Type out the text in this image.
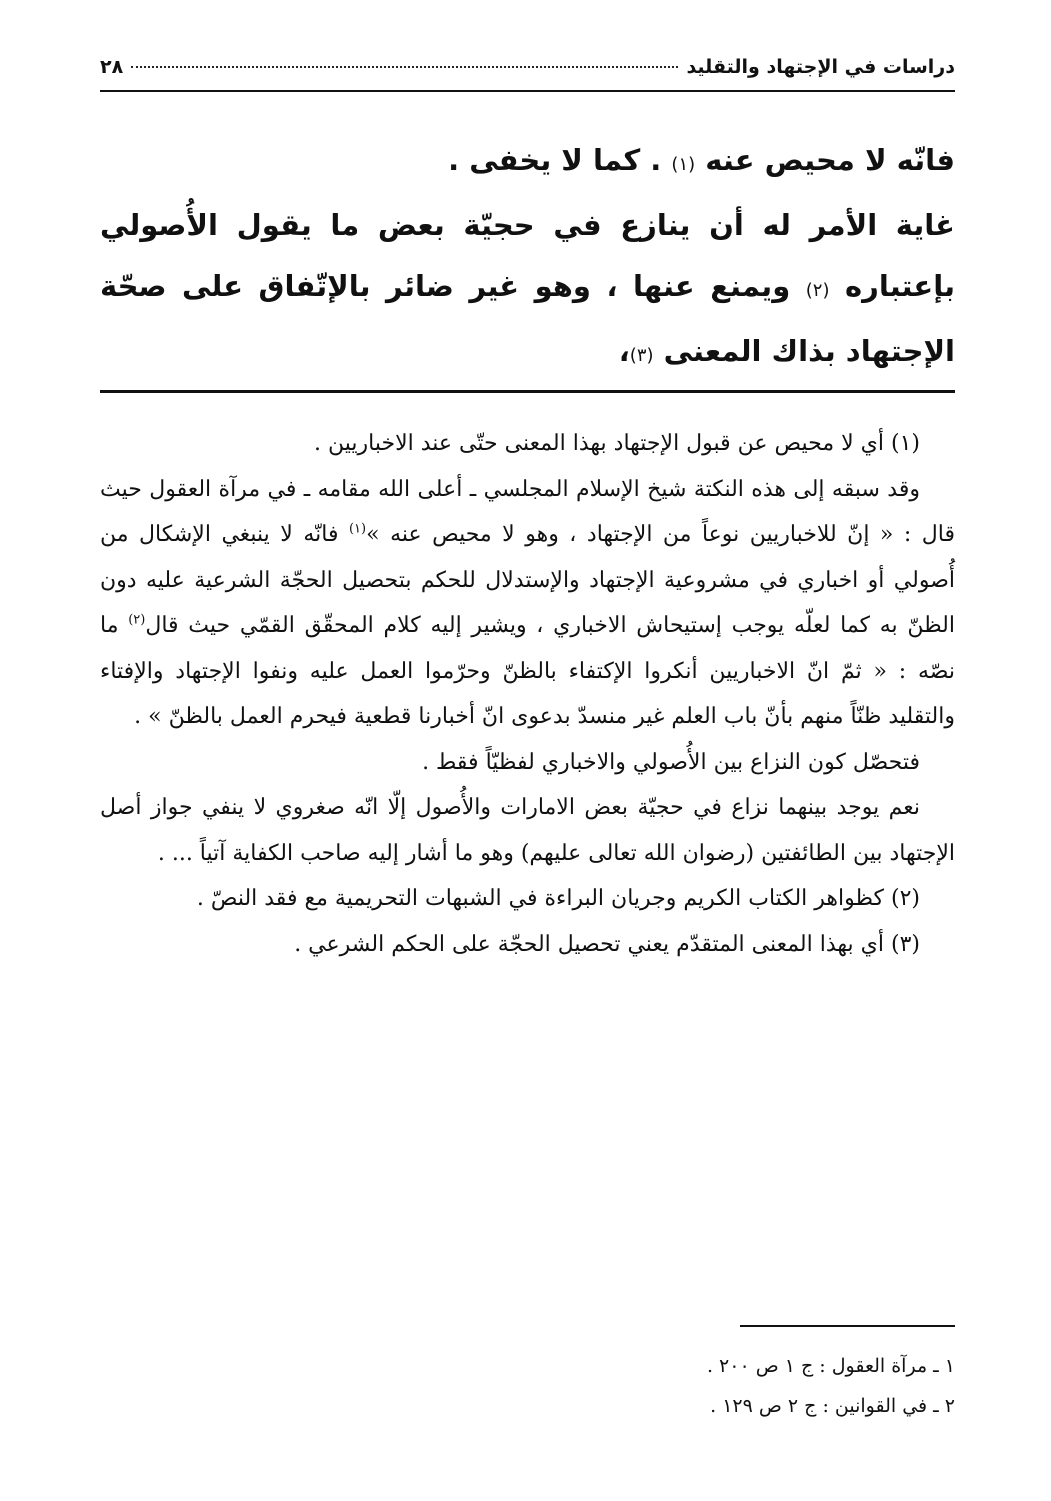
دراسات في الإجتهاد والتقليد
٢٨

فانّه لا محيص عنه (١) . كما لا يخفى .

غاية الأمر له أن ينازع في حجيّة بعض ما يقول الأُصولي بإعتباره (٢) ويمنع عنها ، وهو غير ضائر بالإتّفاق على صحّة الإجتهاد بذاك المعنى (٣)،

(١) أي لا محيص عن قبول الإجتهاد بهذا المعنى حتّى عند الاخباريين .

وقد سبقه إلى هذه النكتة شيخ الإسلام المجلسي ـ أعلى الله مقامه ـ في مرآة العقول حيث قال : « إنّ للاخباريين نوعاً من الإجتهاد ، وهو لا محيص عنه »$^{(١)}$ فانّه لا ينبغي الإشكال من أُصولي أو اخباري في مشروعية الإجتهاد والإستدلال للحكم بتحصيل الحجّة الشرعية عليه دون الظنّ به كما لعلّه يوجب إستيحاش الاخباري ، ويشير إليه كلام المحقّق القمّي حيث قال$^{(٢)}$ ما نصّه : « ثمّ انّ الاخباريين أنكروا الإكتفاء بالظنّ وحرّموا العمل عليه ونفوا الإجتهاد والإفتاء والتقليد ظنّاً منهم بأنّ باب العلم غير منسدّ بدعوى انّ أخبارنا قطعية فيحرم العمل بالظنّ » .

فتحصّل كون النزاع بين الأُصولي والاخباري لفظيّاً فقط .

نعم يوجد بينهما نزاع في حجيّة بعض الامارات والأُصول إلّا انّه صغروي لا ينفي جواز أصل الإجتهاد بين الطائفتين (رضوان الله تعالى عليهم) وهو ما أشار إليه صاحب الكفاية آتياً ... .

(٢) كظواهر الكتاب الكريم وجريان البراءة في الشبهات التحريمية مع فقد النصّ .

(٣) أي بهذا المعنى المتقدّم يعني تحصيل الحجّة على الحكم الشرعي .

١ ـ مرآة العقول : ج ١ ص ٢٠٠ .
٢ ـ في القوانين : ج ٢ ص ١٢٩ .
